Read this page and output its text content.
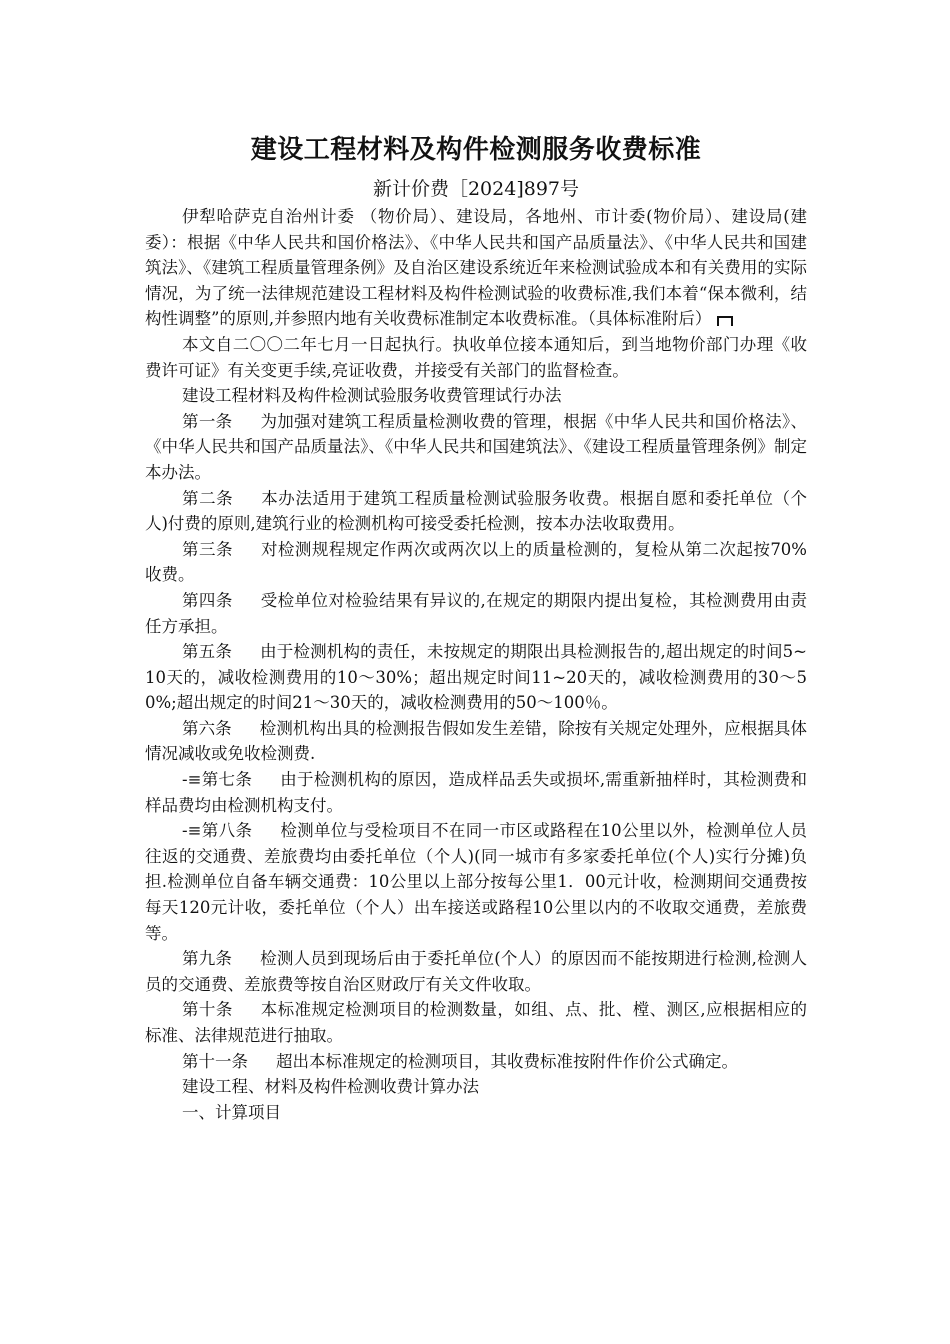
建设工程材料及构件检测服务收费标准

新计价费［2024]897号

伊犁哈萨克自治州计委 （物价局）、建设局，各地州、市计委(物价局）、建设局(建委）：根据《中华人民共和国价格法》、《中华人民共和国产品质量法》、《中华人民共和国建筑法》、《建筑工程质量管理条例》及自治区建设系统近年来检测试验成本和有关费用的实际情况，为了统一法律规范建设工程材料及构件检测试验的收费标准,我们本着“保本微利，结构性调整”的原则,并参照内地有关收费标准制定本收费标准。（具体标准附后）

本文自二〇〇二年七月一日起执行。执收单位接本通知后，到当地物价部门办理《收费许可证》有关变更手续,亮证收费，并接受有关部门的监督检查。

建设工程材料及构件检测试验服务收费管理试行办法

第一条 为加强对建筑工程质量检测收费的管理，根据《中华人民共和国价格法》、《中华人民共和国产品质量法》、《中华人民共和国建筑法》、《建设工程质量管理条例》制定本办法。

第二条 本办法适用于建筑工程质量检测试验服务收费。根据自愿和委托单位（个人)付费的原则,建筑行业的检测机构可接受委托检测，按本办法收取费用。

第三条 对检测规程规定作两次或两次以上的质量检测的，复检从第二次起按70%收费。

第四条 受检单位对检验结果有异议的,在规定的期限内提出复检，其检测费用由责任方承担。

第五条 由于检测机构的责任，未按规定的期限出具检测报告的,超出规定的时间5~10天的，减收检测费用的10～30%；超出规定时间11~20天的，减收检测费用的30～50%;超出规定的时间21～30天的，减收检测费用的50～100％。

第六条 检测机构出具的检测报告假如发生差错，除按有关规定处理外，应根据具体情况减收或免收检测费.

-≡第七条 由于检测机构的原因，造成样品丢失或损坏,需重新抽样时，其检测费和样品费均由检测机构支付。

-≡第八条 检测单位与受检项目不在同一市区或路程在10公里以外，检测单位人员往返的交通费、差旅费均由委托单位（个人)(同一城市有多家委托单位(个人)实行分摊)负担.检测单位自备车辆交通费：10公里以上部分按每公里1．00元计收，检测期间交通费按每天120元计收，委托单位（个人）出车接送或路程10公里以内的不收取交通费，差旅费等。

第九条 检测人员到现场后由于委托单位(个人）的原因而不能按期进行检测,检测人员的交通费、差旅费等按自治区财政厅有关文件收取。

第十条 本标准规定检测项目的检测数量，如组、点、批、樘、测区,应根据相应的标准、法律规范进行抽取。

第十一条 超出本标准规定的检测项目，其收费标准按附件作价公式确定。

建设工程、材料及构件检测收费计算办法

一、计算项目
